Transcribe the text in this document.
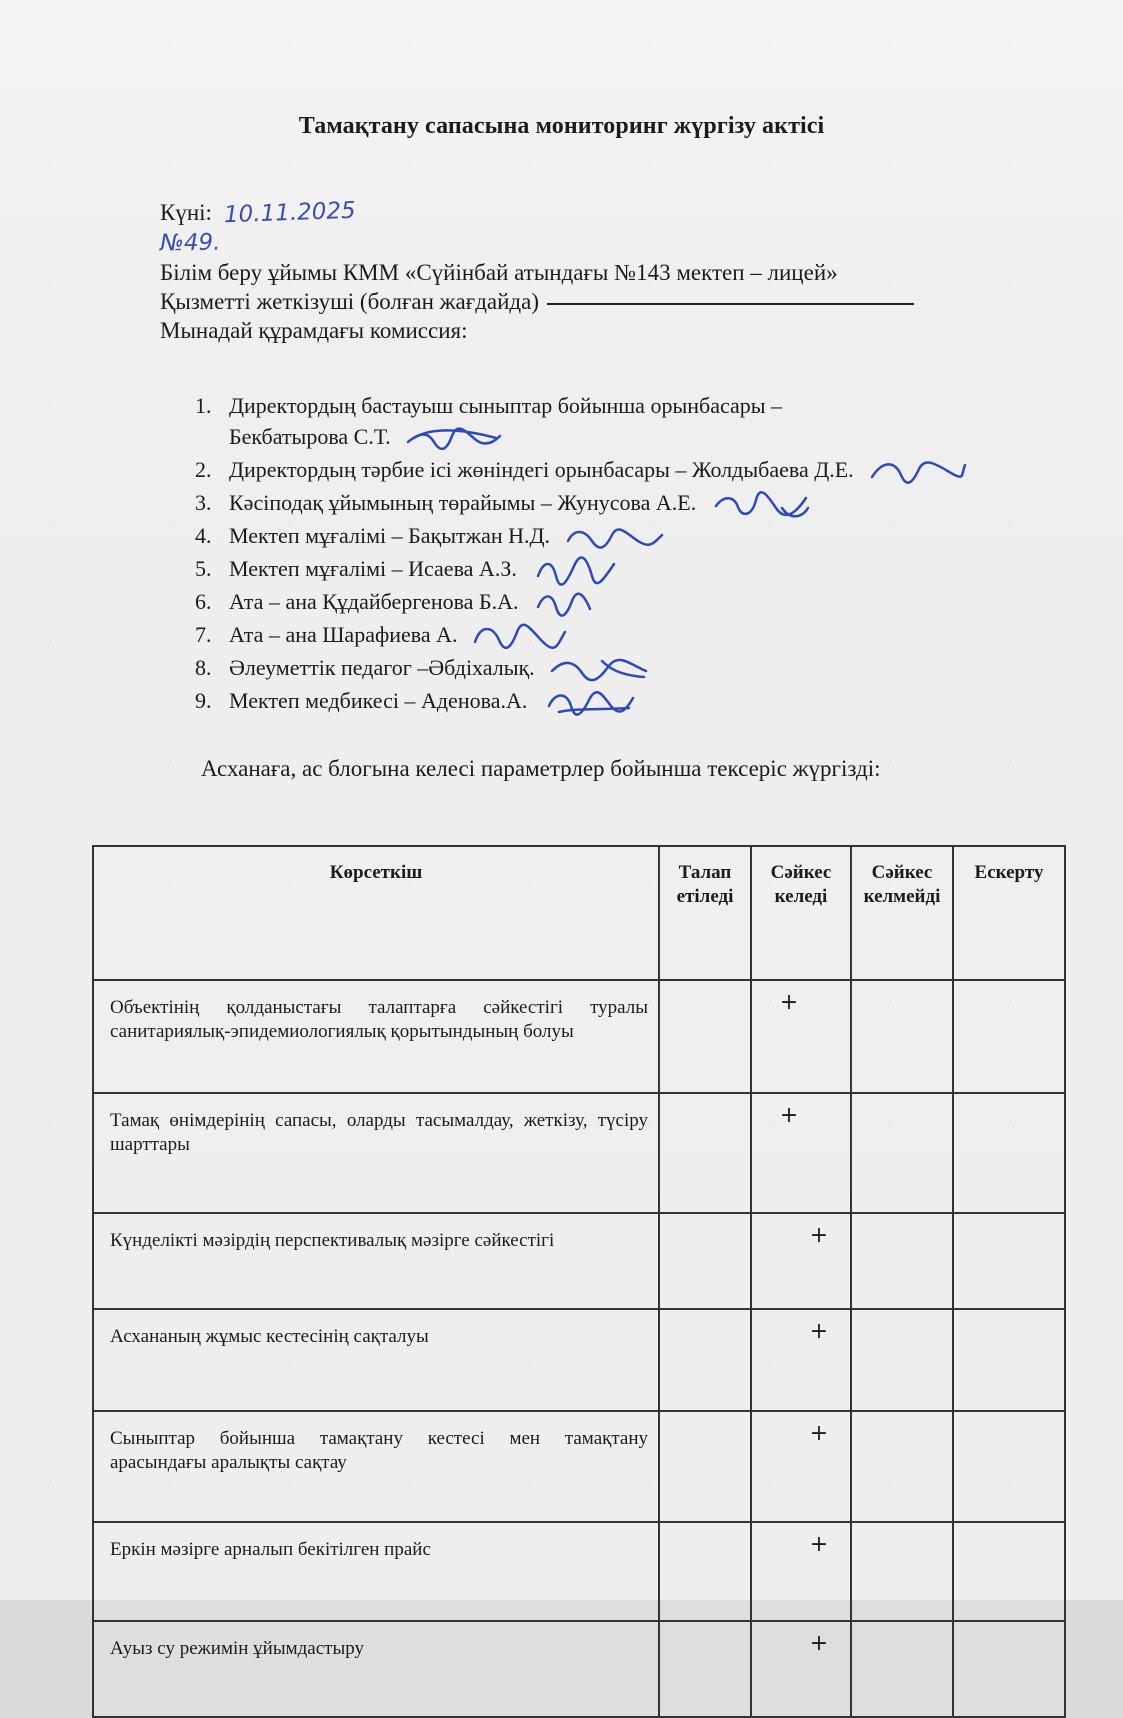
Тамақтану сапасына мониторинг жүргізу актісі
Күні: 10.11.2025
№49.
Білім беру ұйымы КММ «Сүйінбай атындағы №143 мектеп – лицей»
Қызметті жеткізуші (болған жағдайда)
Мынадай құрамдағы комиссия:
1. Директордың бастауыш сыныптар бойынша орынбасары –
Бекбатырова С.Т.
2. Директордың тәрбие ісі жөніндегі орынбасары – Жолдыбаева Д.Е.
3. Кәсіподақ ұйымының төрайымы – Жунусова А.Е.
4. Мектеп мұғалімі – Бақытжан Н.Д.
5. Мектеп мұғалімі – Исаева А.З.
6. Ата – ана Құдайбергенова Б.А.
7. Ата – ана Шарафиева А.
8. Әлеуметтік педагог –Әбдіхалық.
9. Мектеп медбикесі – Аденова.А.
Асханаға, ас блогына келесі параметрлер бойынша тексеріс жүргізді:
Көрсеткіш	Талап етіледі	Сәйкес келеді	Сәйкес келмейді	Ескерту

Объектінің қолданыстағы талаптарға сәйкестігі туралы санитариялық-эпидемиологиялық қорытындының болуы		+		

Тамақ өнімдерінің сапасы, оларды тасымалдау, жеткізу, түсіру шарттары		+		

Күнделікті мәзірдің перспективалық мәзірге сәйкестігі		+		

Асхананың жұмыс кестесінің сақталуы		+		

Сыныптар бойынша тамақтану кестесі мен тамақтану арасындағы аралықты сақтау		+		

Еркін мәзірге арналып бекітілген прайс		+		

Ауыз су режимін ұйымдастыру		+		
